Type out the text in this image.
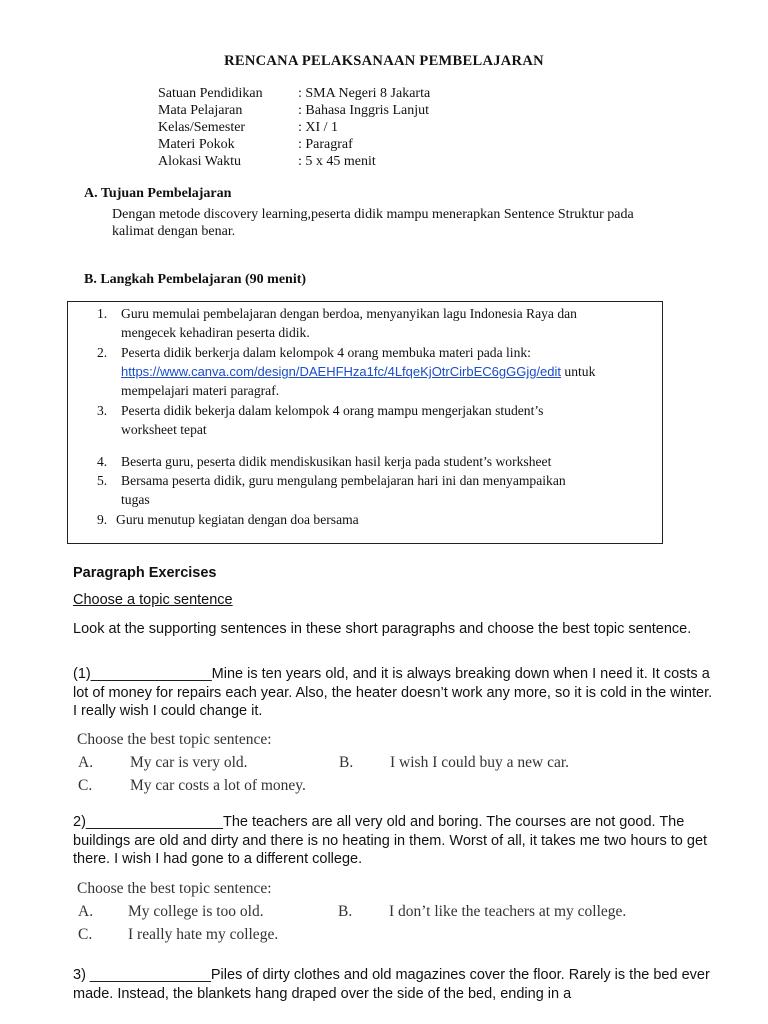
RENCANA PELAKSANAAN PEMBELAJARAN
Satuan Pendidikan	: SMA Negeri 8 Jakarta
Mata Pelajaran	: Bahasa Inggris Lanjut
Kelas/Semester	: XI / 1
Materi Pokok	: Paragraf
Alokasi Waktu	: 5 x 45 menit
A. Tujuan Pembelajaran
Dengan metode discovery learning,peserta didik mampu menerapkan Sentence Struktur pada
kalimat dengan benar.
B. Langkah Pembelajaran (90 menit)
1. Guru memulai pembelajaran dengan berdoa, menyanyikan lagu Indonesia Raya dan
mengecek kehadiran peserta didik.
2. Peserta didik berkerja dalam kelompok 4 orang membuka materi pada link:
https://www.canva.com/design/DAEHFHza1fc/4LfqeKjOtrCirbEC6gGGjg/edit untuk
mempelajari materi paragraf.
3. Peserta didik bekerja dalam kelompok 4 orang mampu mengerjakan student’s
worksheet tepat
4. Beserta guru, peserta didik mendiskusikan hasil kerja pada student’s worksheet
5. Bersama peserta didik, guru mengulang pembelajaran hari ini dan menyampaikan
tugas
9. Guru menutup kegiatan dengan doa bersama
Paragraph Exercises
Choose a topic sentence
Look at the supporting sentences in these short paragraphs and choose the best topic sentence.
(1)_______________Mine is ten years old, and it is always breaking down when I need it. It costs a lot of money for repairs each year. Also, the heater doesn’t work any more, so it is cold in the winter. I really wish I could change it.
Choose the best topic sentence:
A. My car is very old.	B. I wish I could buy a new car.
C. My car costs a lot of money.
2)_________________The teachers are all very old and boring. The courses are not good. The buildings are old and dirty and there is no heating in them. Worst of all, it takes me two hours to get there. I wish I had gone to a different college.
Choose the best topic sentence:
A. My college is too old.	B. I don’t like the teachers at my college.
C. I really hate my college.
3) _______________Piles of dirty clothes and old magazines cover the floor. Rarely is the bed ever made. Instead, the blankets hang draped over the side of the bed, ending in a
